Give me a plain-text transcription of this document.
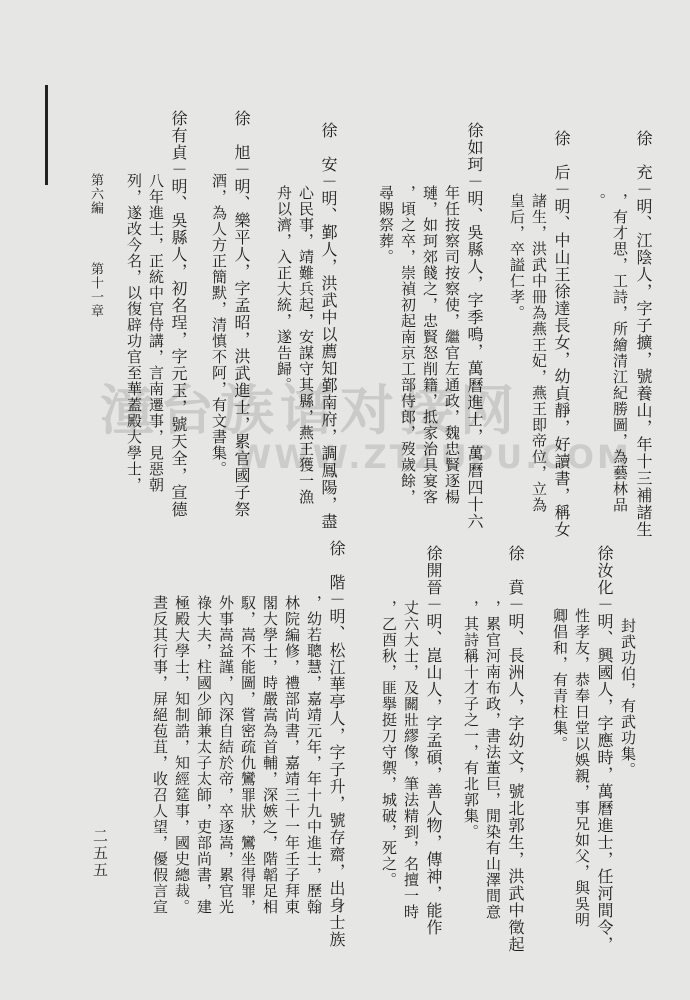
潼台族谱对接网
WWW.ZTZUPU.COM 徐　充－明、江陰人，字子擴，號養山，年十三補諸生
，有才思，工詩，所繪清江紀勝圖，為藝林品
。
徐　后－明、中山王徐達長女，幼貞靜，好讀書，稱女
諸生，洪武中冊為燕王妃，燕王即帝位，立為
皇后，卒謚仁孝。
徐如珂－明、吳縣人，字季鳴，萬曆進士，萬曆四十六
年任按察司按察使，繼官左通政，魏忠賢逐楊
璉，如珂郊餞之，忠賢怒削籍，抵家治具宴客
，頃之卒，崇禎初起南京工部侍郎，歿歲餘，
尋賜祭葬。
徐　安－明、鄞人，洪武中以薦知鄞南府，調鳳陽，盡
心民事，靖難兵起，安謀守其縣，燕王獲一漁
舟以濟，入正大統，遂告歸。
徐　旭－明、樂平人，字孟昭，洪武進士，累官國子祭
酒，為人方正簡默，清慎不阿，有文書集。
徐有貞－明、吳縣人，初名珵，字元玉，號天全，宣德
八年進士，正統中官侍講，言南遷事，見惡朝
列，遂改今名，以復辟功官至華蓋殿大學士，
第六編
第十一章
封武功伯，有武功集。
徐汝化－明、興國人，字應時，萬曆進士，任河間令，
性孝友，恭奉日堂以娛親，事兄如父，與吳明
卿倡和，有青柱集。
徐　賁－明、長洲人，字幼文，號北郭生，洪武中徵起
，累官河南布政，書法董巨，閒染有山澤間意
，其詩稱十才子之一，有北郭集。
徐開晉－明、崑山人，字孟碩，善人物，傳神，能作
丈六大士，及關壯繆像，筆法精到，名擅一時
，乙酉秋，匪擧挺刀守禦，城破，死之。
徐　階－明、松江華亭人，字子升，號存齋，出身士族
，幼若聰慧，嘉靖元年，年十九中進士，歷翰
林院編修，禮部尚書，嘉靖三十一年壬子拜東
閣大學士，時嚴嵩為首輔，深嫉之，階韜足相
馭，嵩不能圖，嘗密疏仇鸞罪狀，鸞坐得罪，
外事嵩益謹，內深自結於帝，卒逐嵩，累官光
祿大夫，柱國少師兼太子太師，吏部尚書，建
極殿大學士，知制誥，知經筵事，國史總裁。
晝反其行事，屏絕苞苴，收召人望，優假言宣
二五五
